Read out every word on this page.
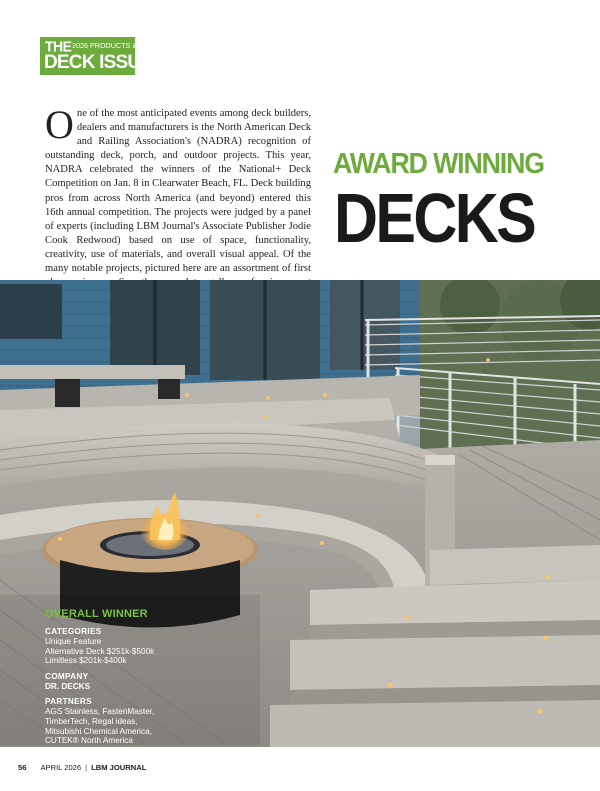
THE 2026 PRODUCTS & TRENDS
DECK ISSUE
One of the most anticipated events among deck builders, dealers and manufacturers is the North American Deck and Railing Association's (NADRA) recognition of outstanding deck, porch, and outdoor projects. This year, NADRA celebrated the winners of the National+ Deck Competition on Jan. 8 in Clearwater Beach, FL. Deck building pros from across North America (and beyond) entered this 16th annual competition. The projects were judged by a panel of experts (including LBM Journal's Associate Publisher Jodie Cook Redwood) based on use of space, functionality, creativity, use of materials, and overall visual appeal. Of the many notable projects, pictured here are an assortment of first
AWARD WINNING
DECKS
OVERALL WINNER
CATEGORIES
Unique Feature
Alternative Deck $251k-$500k
Limitless $201k-$400k
COMPANY
DR. DECKS
PARTNERS
AGS Stainless, FastenMaster,
TimberTech, Regal ideas,
Mitsubishi Chemical America,
CUTEK® North America
56 APRIL 2026 | LBM JOURNAL
